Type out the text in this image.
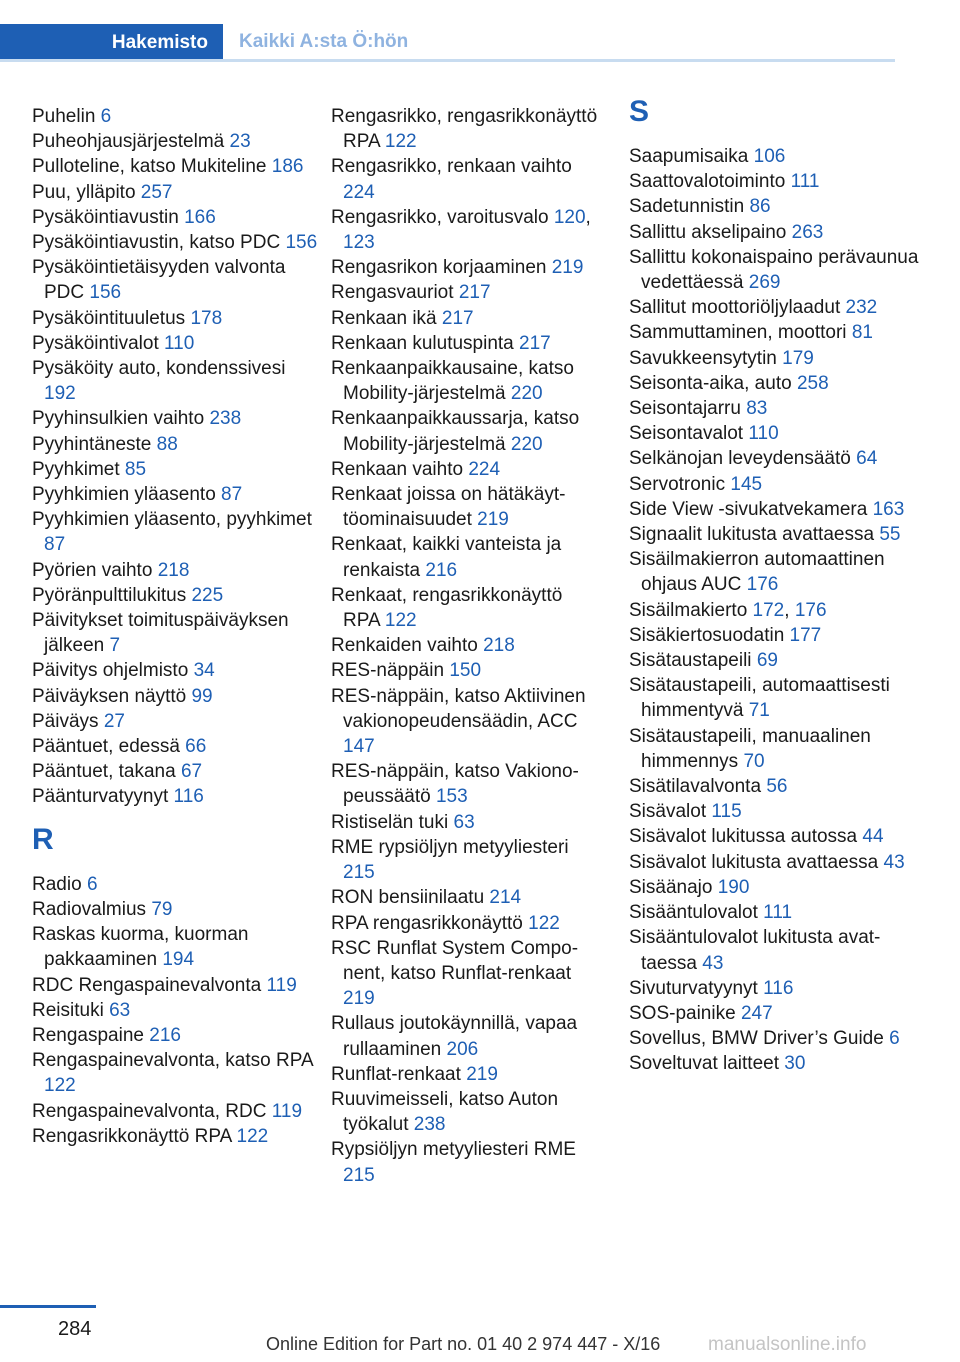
Hakemisto	Kaikki A:sta Ö:hön
Puhelin 6
Puheohjausjärjestelmä 23
Pulloteline, katso Mukiteline 186
Puu, ylläpito 257
Pysäköintiavustin 166
Pysäköintiavustin, katso PDC 156
Pysäköintietäisyyden valvonta PDC 156
Pysäköintituuletus 178
Pysäköintivalot 110
Pysäköity auto, kondenssivesi 192
Pyyhinsulkien vaihto 238
Pyyhintäneste 88
Pyyhkimet 85
Pyyhkimien yläasento 87
Pyyhkimien yläasento, pyyhkimet 87
Pyörien vaihto 218
Pyöränpulttilukitus 225
Päivitykset toimituspäiväyksen jälkeen 7
Päivitys ohjelmisto 34
Päiväyksen näyttö 99
Päiväys 27
Pääntuet, edessä 66
Pääntuet, takana 67
Päänturvatyynyt 116
R
Radio 6
Radiovalmius 79
Raskas kuorma, kuorman pakkaaminen 194
RDC Rengaspainevalvonta 119
Reisituki 63
Rengaspaine 216
Rengaspainevalvonta, katso RPA 122
Rengaspainevalvonta, RDC 119
Rengasrikkonäyttö RPA 122
Rengasrikko, rengasrikkonäyttö RPA 122
Rengasrikko, renkaan vaihto 224
Rengasrikko, varoitusvalo 120, 123
Rengasrikon korjaaminen 219
Rengasvauriot 217
Renkaan ikä 217
Renkaan kulutuspinta 217
Renkaanpaikkausaine, katso Mobility-järjestelmä 220
Renkaanpaikkaussarja, katso Mobility-järjestelmä 220
Renkaan vaihto 224
Renkaat joissa on hätäkäyttöominaisuudet 219
Renkaat, kaikki vanteista ja renkaista 216
Renkaat, rengasrikkonäyttö RPA 122
Renkaiden vaihto 218
RES-näppäin 150
RES-näppäin, katso Aktiivinen vakionopeudensäädin, ACC 147
RES-näppäin, katso Vakionopeussäätö 153
Ristiselän tuki 63
RME rypsiöljyn metyyliesteri 215
RON bensiinilaatu 214
RPA rengasrikkonäyttö 122
RSC Runflat System Component, katso Runflat-renkaat 219
Rullaus joutokäynnillä, vapaa rullaaminen 206
Runflat-renkaat 219
Ruuvimeisseli, katso Auton työkalut 238
Rypsiöljyn metyyliesteri RME 215
S
Saapumisaika 106
Saattovalotoiminto 111
Sadetunnistin 86
Sallittu akselipaino 263
Sallittu kokonaispaino perävaunua vedettäessä 269
Sallitut moottoriöljylaadut 232
Sammuttaminen, moottori 81
Savukkeensytytin 179
Seisonta-aika, auto 258
Seisontajarru 83
Seisontavalot 110
Selkänojan leveydensäätö 64
Servotronic 145
Side View -sivukatvekamera 163
Signaalit lukitusta avattaessa 55
Sisäilmakierron automaattinen ohjaus AUC 176
Sisäilmakierto 172, 176
Sisäkiertosuodatin 177
Sisätaustapeili 69
Sisätaustapeili, automaattisesti himmentyvä 71
Sisätaustapeili, manuaalinen himmennys 70
Sisätilavalvonta 56
Sisävalot 115
Sisävalot lukitussa autossa 44
Sisävalot lukitusta avattaessa 43
Sisäänajo 190
Sisääntulovalot 111
Sisääntulovalot lukitusta avattaessa 43
Sivuturvatyynyt 116
SOS-painike 247
Sovellus, BMW Driver’s Guide 6
Soveltuvat laitteet 30
284
Online Edition for Part no. 01 40 2 974 447 - X/16	manualsonline.info
